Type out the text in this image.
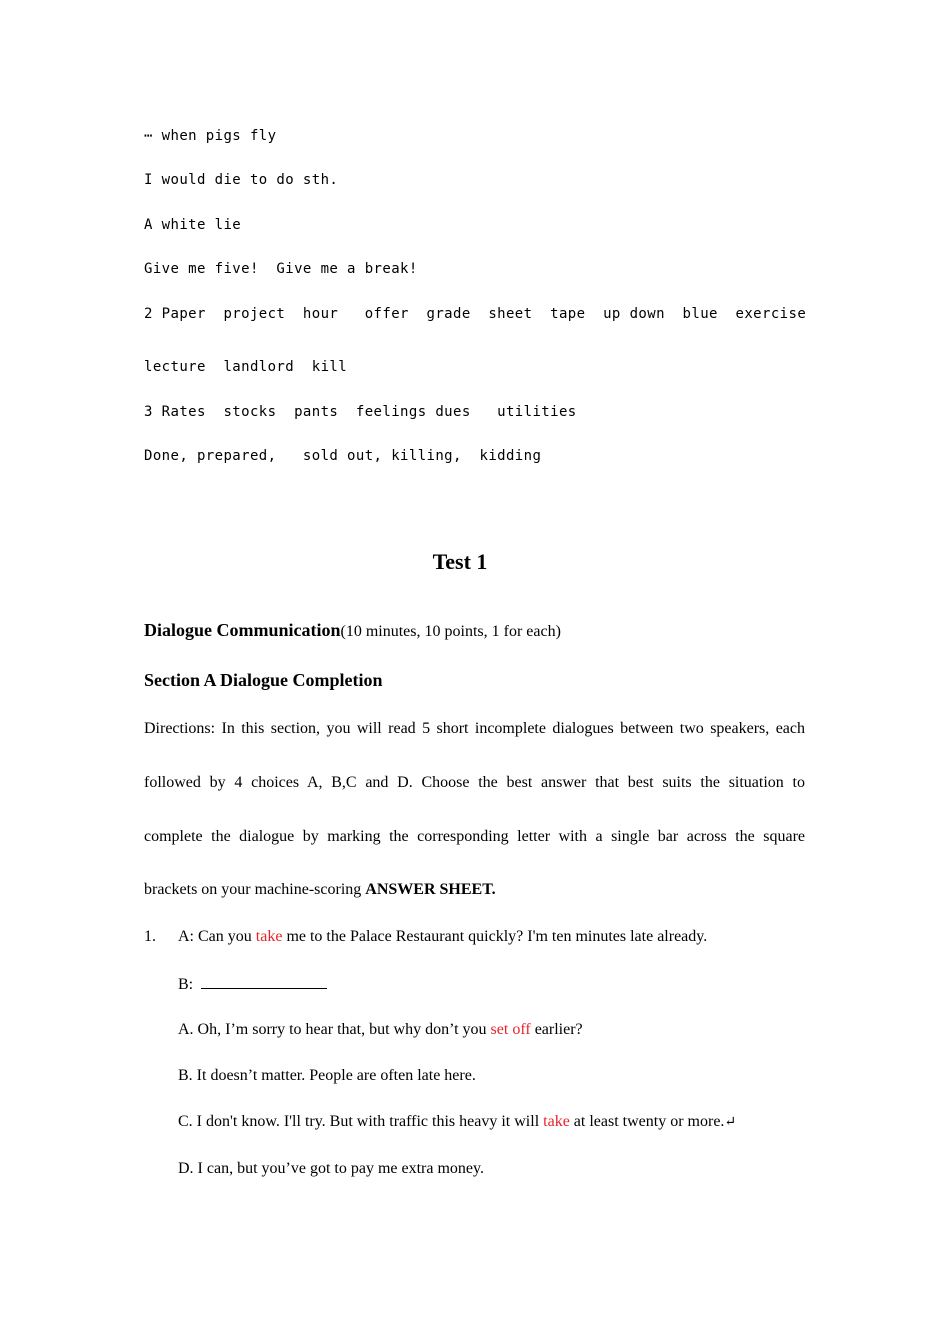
⋯ when pigs fly
I would die to do sth.
A white lie
Give me five!  Give me a break!
2 Paper  project  hour   offer  grade  sheet  tape  up down  blue  exercise
lecture  landlord  kill
3 Rates  stocks  pants  feelings dues   utilities
Done, prepared,   sold out, killing,  kidding
Test 1
Dialogue Communication(10 minutes, 10 points, 1 for each)
Section A Dialogue Completion
Directions: In this section, you will read 5 short incomplete dialogues between two speakers, each
followed by 4 choices A, B,C and D. Choose the best answer that best suits the situation to
complete the dialogue by marking the corresponding letter with a single bar across the square
brackets on your machine-scoring ANSWER SHEET.
1. A: Can you take me to the Palace Restaurant quickly? I'm ten minutes late already.
B:
A. Oh, I’m sorry to hear that, but why don’t you set off earlier?
B. It doesn’t matter. People are often late here.
C. I don't know. I'll try. But with traffic this heavy it will take at least twenty or more.↵
D. I can, but you’ve got to pay me extra money.
